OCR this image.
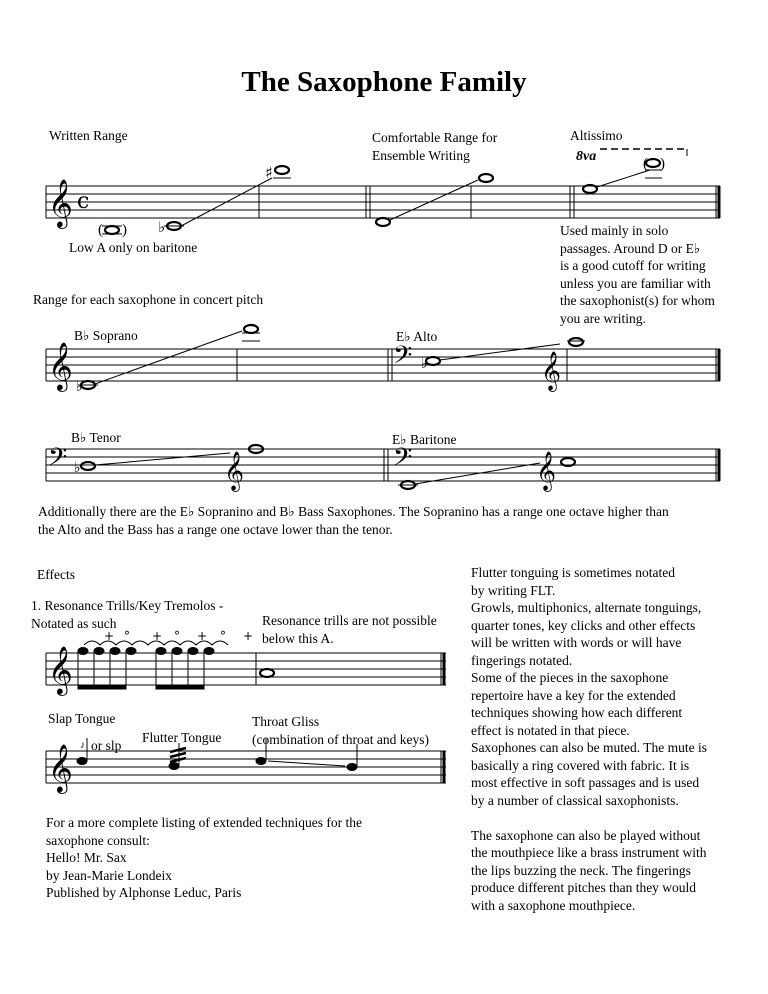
The Saxophone Family
Written Range	Comfortable Range for
Ensemble Writing
Altissimo
Low A only on baritone
Used mainly in solo
passages. Around D or E♭
is a good cutoff for writing
unless you are familiar with
the saxophonist(s) for whom
you are writing.
Range for each saxophone in concert pitch
B♭ Soprano	E♭ Alto
B♭ Tenor	E♭ Baritone
Additionally there are the E♭ Sopranino and B♭ Bass Saxophones. The Sopranino has a range one octave higher than
the Alto and the Bass has a range one octave lower than the tenor.
Effects
1. Resonance Trills/Key Tremolos -
Notated as such	Resonance trills are not possible
below this A.
Slap Tongue
or slp
Flutter Tongue
Throat Gliss
(combination of throat and keys)
Flutter tonguing is sometimes notated
by writing FLT.
Growls, multiphonics, alternate tonguings,
quarter tones, key clicks and other effects
will be written with words or will have
fingerings notated.
Some of the pieces in the saxophone
repertoire have a key for the extended
techniques showing how each different
effect is notated in that piece.
Saxophones can also be muted. The mute is
basically a ring covered with fabric. It is
most effective in soft passages and is used
by a number of classical saxophonists.

The saxophone can also be played without
the mouthpiece like a brass instrument with
the lips buzzing the neck. The fingerings
produce different pitches than they would
with a saxophone mouthpiece.
For a more complete listing of extended techniques for the
saxophone consult:
Hello! Mr. Sax
by Jean-Marie Londeix
Published by Alphonse Leduc, Paris
𝄞 c
( ) ♭
♯
8va	( )
𝄞 ♭
𝄢 ♭	𝄞
𝄢 ♭	𝄞	𝄢	𝄞
𝄞
+ ° + ° + ° +
𝄞 ♪
